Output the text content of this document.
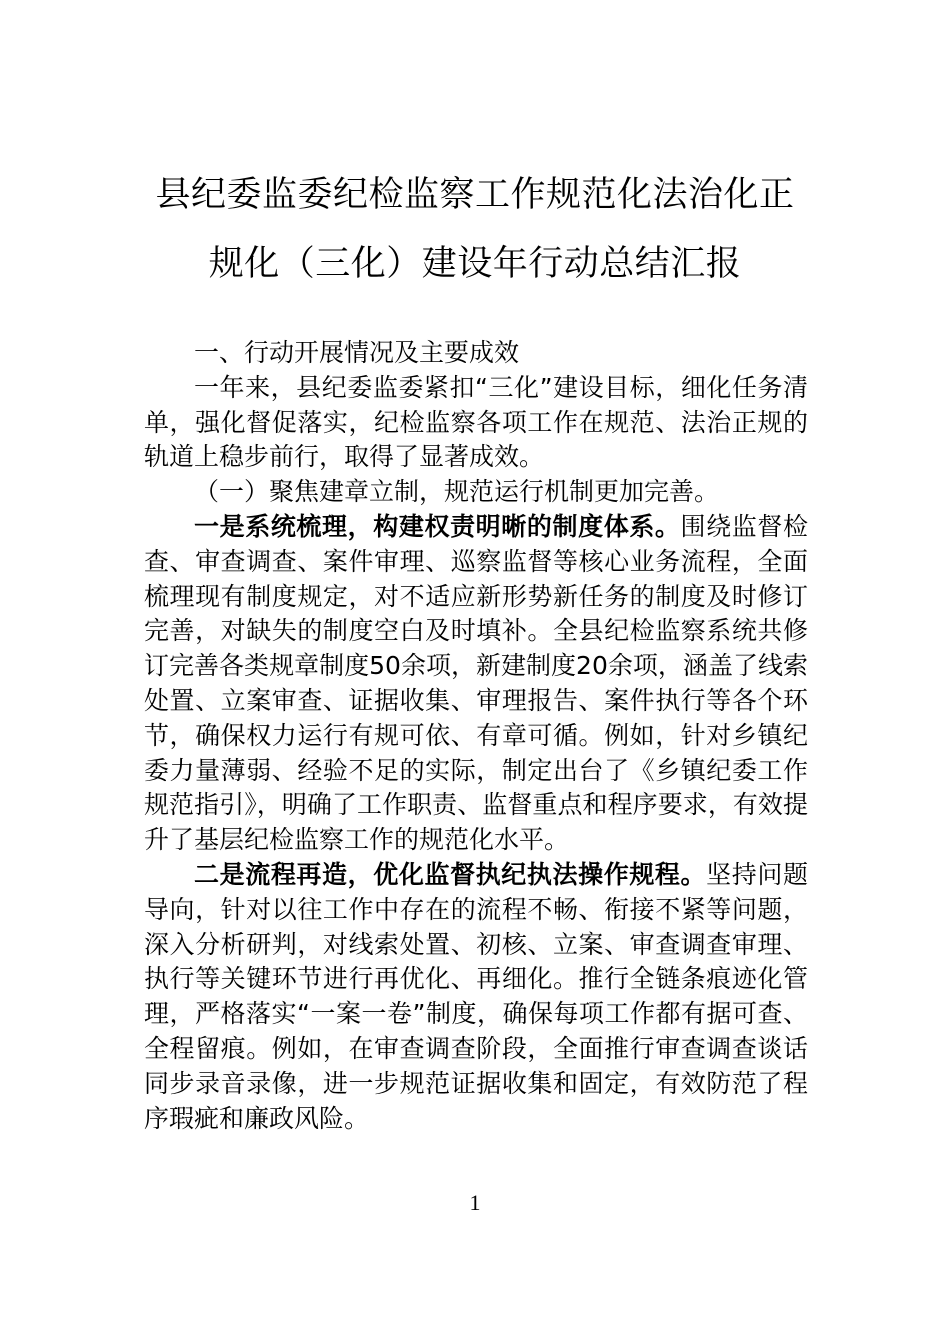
县纪委监委纪检监察工作规范化法治化正
规化（三化）建设年行动总结汇报

一、行动开展情况及主要成效

一年来，县纪委监委紧扣“三化”建设目标，细化任务清单，强化督促落实，纪检监察各项工作在规范、法治正规的轨道上稳步前行，取得了显著成效。

（一）聚焦建章立制，规范运行机制更加完善。

一是系统梳理，构建权责明晰的制度体系。围绕监督检查、审查调查、案件审理、巡察监督等核心业务流程，全面梳理现有制度规定，对不适应新形势新任务的制度及时修订完善，对缺失的制度空白及时填补。全县纪检监察系统共修订完善各类规章制度50余项，新建制度20余项，涵盖了线索处置、立案审查、证据收集、审理报告、案件执行等各个环节，确保权力运行有规可依、有章可循。例如，针对乡镇纪委力量薄弱、经验不足的实际，制定出台了《乡镇纪委工作规范指引》，明确了工作职责、监督重点和程序要求，有效提升了基层纪检监察工作的规范化水平。

二是流程再造，优化监督执纪执法操作规程。坚持问题导向，针对以往工作中存在的流程不畅、衔接不紧等问题，深入分析研判，对线索处置、初核、立案、审查调查审理、执行等关键环节进行再优化、再细化。推行全链条痕迹化管理，严格落实“一案一卷”制度，确保每项工作都有据可查、全程留痕。例如，在审查调查阶段，全面推行审查调查谈话同步录音录像，进一步规范证据收集和固定，有效防范了程序瑕疵和廉政风险。

1
